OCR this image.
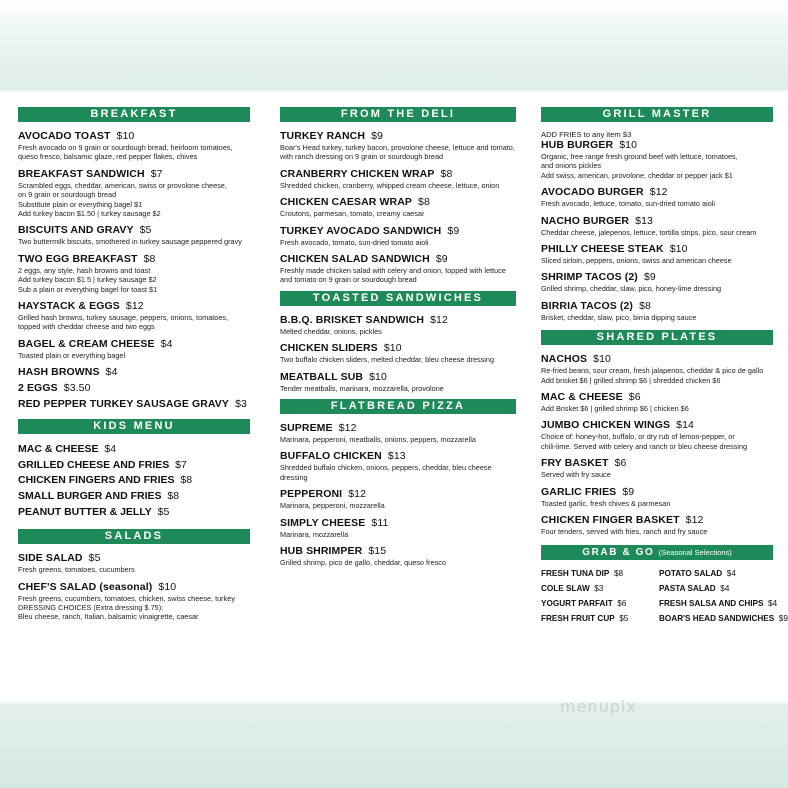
BREAKFAST
AVOCADO TOAST $10
Fresh avocado on 9 grain or sourdough bread, heirloom tomatoes,
queso fresco, balsamic glaze, red pepper flakes, chives
BREAKFAST SANDWICH $7
Scrambled eggs, cheddar, american, swiss or provolone cheese,
on 9 grain or sourdough bread
Substitute plain or everything bagel $1
Add turkey bacon $1.50 | turkey sausage $2
BISCUITS AND GRAVY $5
Two buttermilk biscuits, smothered in turkey sausage peppered gravy
TWO EGG BREAKFAST $8
2 eggs, any style, hash browns and toast
Add turkey bacon $1.5 | turkey sausage $2
Sub a plain or everything bagel for toast $1
HAYSTACK & EGGS $12
Grilled hash browns, turkey sausage, peppers, onions, tomatoes,
topped with cheddar cheese and two eggs
BAGEL & CREAM CHEESE $4
Toasted plain or everything bagel
HASH BROWNS $4
2 EGGS $3.50
RED PEPPER TURKEY SAUSAGE GRAVY $3
KIDS MENU
MAC & CHEESE $4
GRILLED CHEESE AND FRIES $7
CHICKEN FINGERS AND FRIES $8
SMALL BURGER AND FRIES $8
PEANUT BUTTER & JELLY $5
SALADS
SIDE SALAD $5
Fresh greens, tomatoes, cucumbers
CHEF'S SALAD (seasonal) $10
Fresh greens, cucumbers, tomatoes, chicken, swiss cheese, turkey
DRESSING CHOICES (Extra dressing $.75):
Bleu cheese, ranch, Italian, balsamic vinaigrette, caesar
FROM THE DELI
TURKEY RANCH $9
Boar's Head turkey, turkey bacon, provolone cheese, lettuce and tomato,
with ranch dressing on 9 grain or sourdough bread
CRANBERRY CHICKEN WRAP $8
Shredded chicken, cranberry, whipped cream cheese, lettuce, onion
CHICKEN CAESAR WRAP $8
Croutons, parmesan, tomato, creamy caesar
TURKEY AVOCADO SANDWICH $9
Fresh avocado, tomato, sun-dried tomato aioli
CHICKEN SALAD SANDWICH $9
Freshly made chicken salad with celery and onion, topped with lettuce
and tomato on 9 grain or sourdough bread
TOASTED SANDWICHES
B.B.Q. BRISKET SANDWICH $12
Melted cheddar, onions, pickles
CHICKEN SLIDERS $10
Two buffalo chicken sliders, melted cheddar, bleu cheese dressing
MEATBALL SUB $10
Tender meatballs, marinara, mozzarella, provolone
FLATBREAD PIZZA
SUPREME $12
Marinara, pepperoni, meatballs, onions, peppers, mozzarella
BUFFALO CHICKEN $13
Shredded buffalo chicken, onions, peppers, cheddar, bleu cheese
dressing
PEPPERONI $12
Marinara, pepperoni, mozzarella
SIMPLY CHEESE $11
Marinara, mozzarella
HUB SHRIMPER $15
Grilled shrimp, pico de gallo, cheddar, queso fresco
GRILL MASTER
ADD FRIES to any item $3
HUB BURGER $10
Organic, free range fresh ground beef with lettuce, tomatoes,
and onions pickles
Add swiss, american, provolone, cheddar or pepper jack $1
AVOCADO BURGER $12
Fresh avocado, lettuce, tomato, sun-dried tomato aioli
NACHO BURGER $13
Cheddar cheese, jalepenos, lettuce, tortilla strips, pico, sour cream
PHILLY CHEESE STEAK $10
Sliced sirloin, peppers, onions, swiss and american cheese
SHRIMP TACOS (2) $9
Grilled shrimp, cheddar, slaw, pico, honey-lime dressing
BIRRIA TACOS (2) $8
Brisket, cheddar, slaw, pico, birria dipping sauce
SHARED PLATES
NACHOS $10
Re-fried beans, sour cream, fresh jalapenos, cheddar & pico de gallo
Add brisket $6 | grilled shrimp $6 | shredded chicken $6
MAC & CHEESE $6
Add Brisket $6 | grilled shrimp $6 | chicken $6
JUMBO CHICKEN WINGS $14
Choice of: honey-hot, buffalo, or dry rub of lemon-pepper, or
chili-lime. Served with celery and ranch or bleu cheese dressing
FRY BASKET $6
Served with fry sauce
GARLIC FRIES $9
Toasted garlic, fresh chives & parmesan
CHICKEN FINGER BASKET $12
Four tenders, served with fries, ranch and fry sauce
GRAB & GO (Seasonal Selections)
FRESH TUNA DIP $8	POTATO SALAD $4
COLE SLAW $3	PASTA SALAD $4
YOGURT PARFAIT $6	FRESH SALSA AND CHIPS $4
FRESH FRUIT CUP $5	BOAR'S HEAD SANDWICHES $9
menupix
